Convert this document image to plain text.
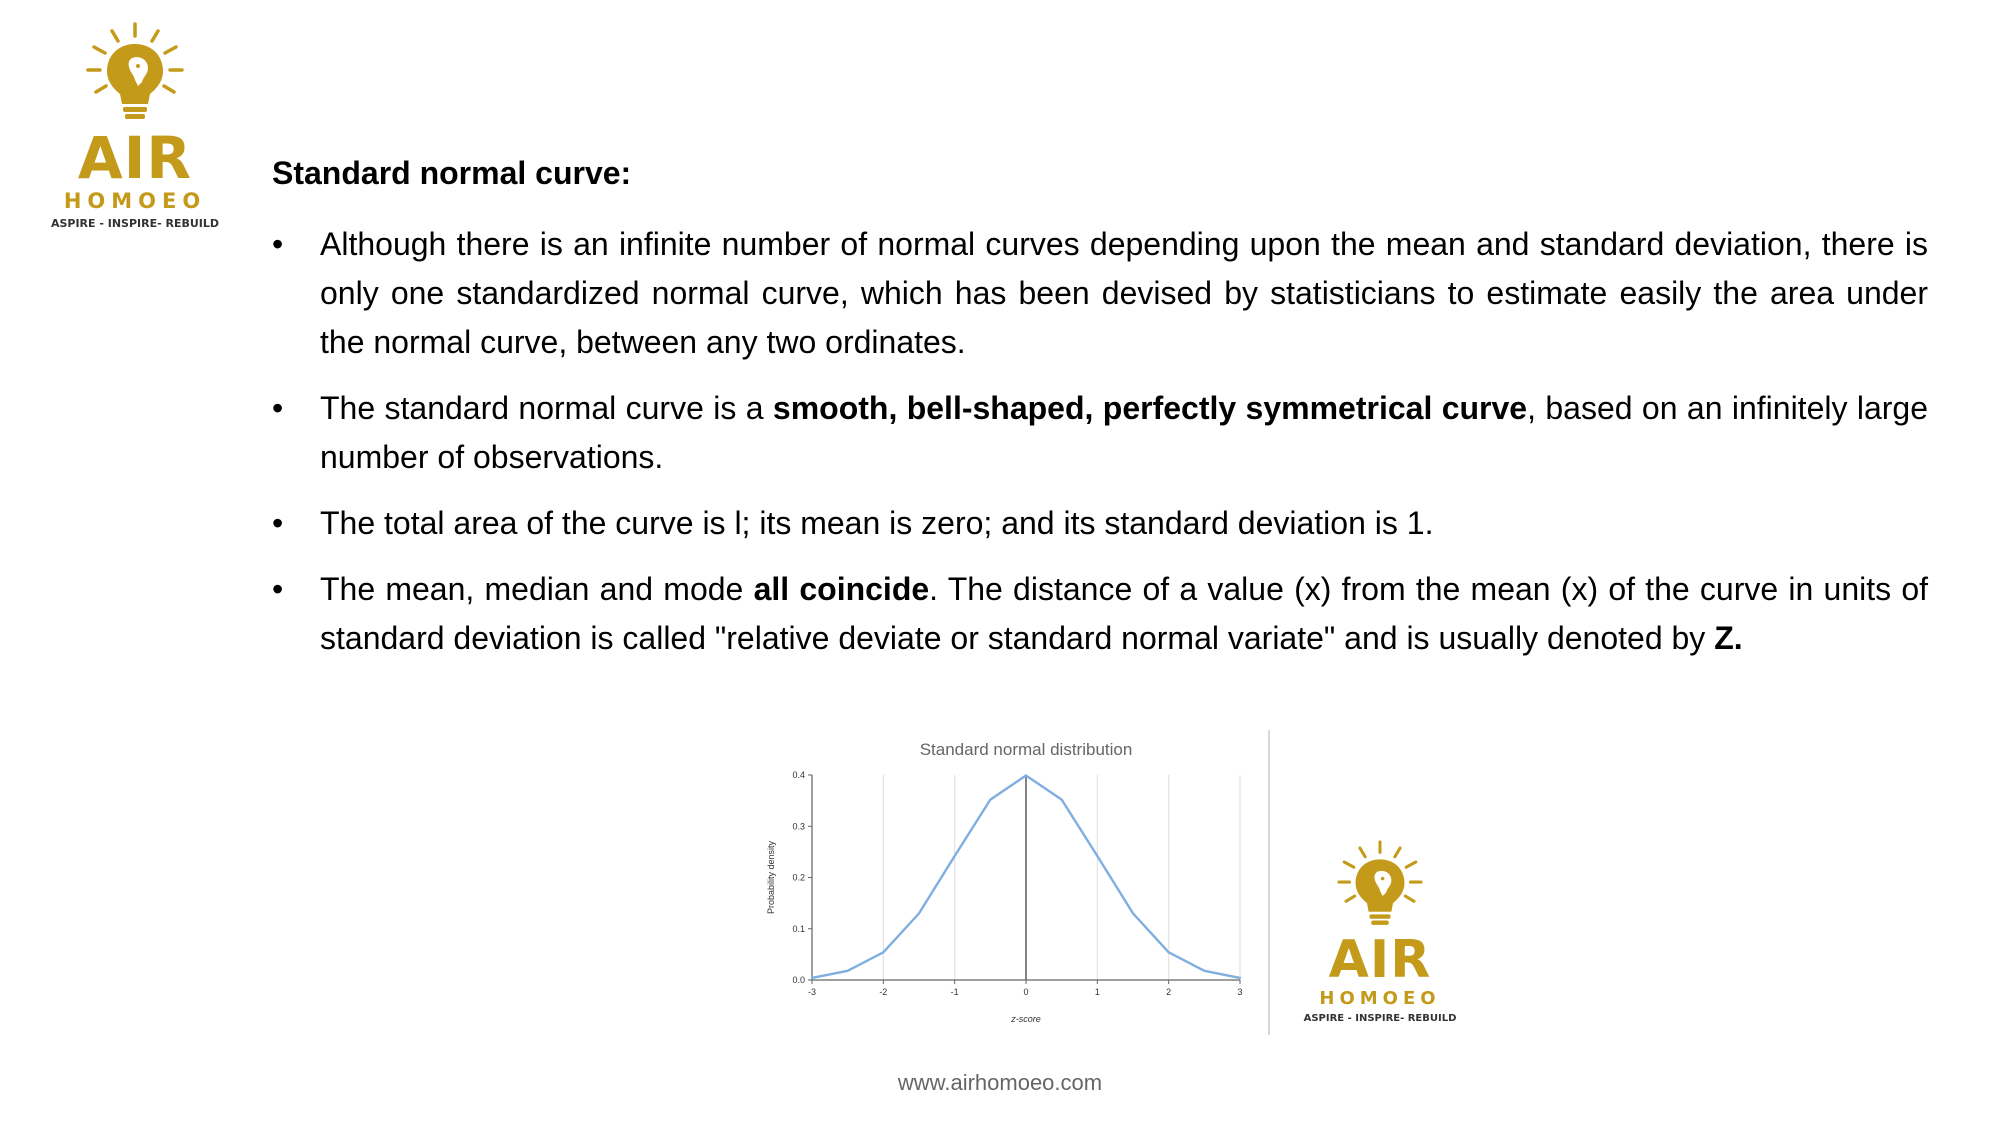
AIR
HOMOEO
ASPIRE - INSPIRE- REBUILD
Standard normal curve:
• Although there is an infinite number of normal curves depending upon the mean and standard deviation, there is only one standardized normal curve, which has been devised by statisticians to estimate easily the area under the normal curve, between any two ordinates.
• The standard normal curve is a smooth, bell-shaped, perfectly symmetrical curve, based on an infinitely large number of observations.
• The total area of the curve is l; its mean is zero; and its standard deviation is 1.
• The mean, median and mode all coincide. The distance of a value (x) from the mean (x) of the curve in units of standard deviation is called "relative deviate or standard normal variate" and is usually denoted by Z.
Standard normal distribution
0.0
0.1
0.2
0.3
0.4
-3	-2	-1	0	1	2	3
z-score
Probability density
AIR
HOMOEO
ASPIRE - INSPIRE- REBUILD
www.airhomoeo.com
